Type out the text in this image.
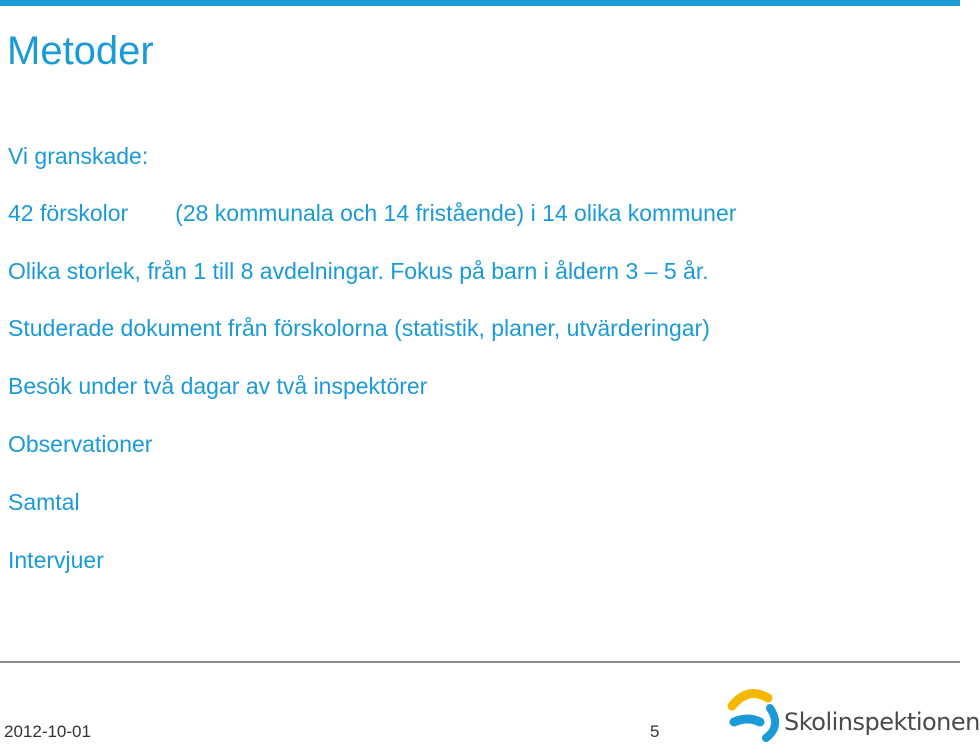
Metoder
Vi granskade:
42 förskolor (28 kommunala och 14 fristående) i 14 olika kommuner
Olika storlek, från 1 till 8 avdelningar. Fokus på barn i åldern 3 – 5 år.
Studerade dokument från förskolorna (statistik, planer, utvärderingar)
Besök under två dagar av två inspektörer
Observationer
Samtal
Intervjuer
2012-10-01	5	Skolinspektionen
